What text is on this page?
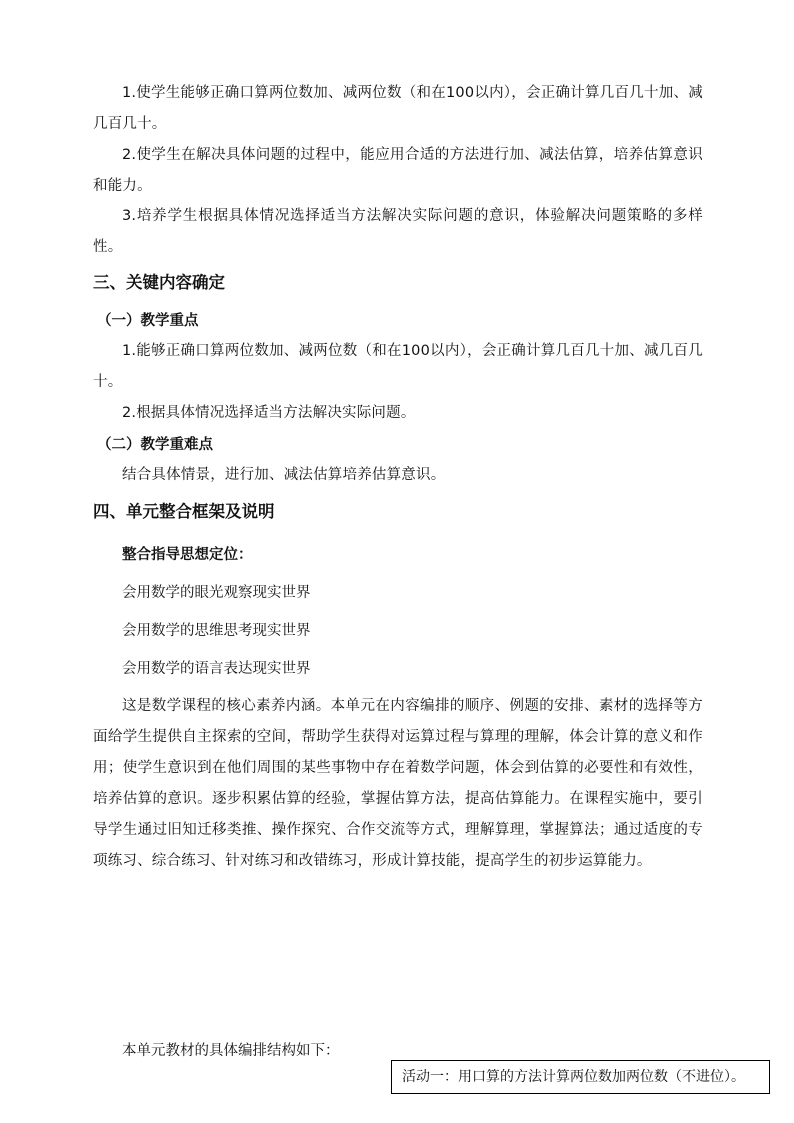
1.使学生能够正确口算两位数加、减两位数（和在100以内），会正确计算几百几十加、减几百几十。

2.使学生在解决具体问题的过程中，能应用合适的方法进行加、减法估算，培养估算意识和能力。

3.培养学生根据具体情况选择适当方法解决实际问题的意识，体验解决问题策略的多样性。

三、关键内容确定
（一）教学重点

1.能够正确口算两位数加、减两位数（和在100以内），会正确计算几百几十加、减几百几十。

2.根据具体情况选择适当方法解决实际问题。

（二）教学重难点

结合具体情景，进行加、减法估算培养估算意识。

四、单元整合框架及说明

整合指导思想定位：

会用数学的眼光观察现实世界

会用数学的思维思考现实世界

会用数学的语言表达现实世界

这是数学课程的核心素养内涵。本单元在内容编排的顺序、例题的安排、素材的选择等方面给学生提供自主探索的空间，帮助学生获得对运算过程与算理的理解，体会计算的意义和作用；使学生意识到在他们周围的某些事物中存在着数学问题，体会到估算的必要性和有效性，培养估算的意识。逐步积累估算的经验，掌握估算方法，提高估算能力。在课程实施中，要引导学生通过旧知迁移类推、操作探究、合作交流等方式，理解算理，掌握算法；通过适度的专项练习、综合练习、针对练习和改错练习，形成计算技能，提高学生的初步运算能力。

本单元教材的具体编排结构如下：

活动一：用口算的方法计算两位数加两位数（不进位）。
